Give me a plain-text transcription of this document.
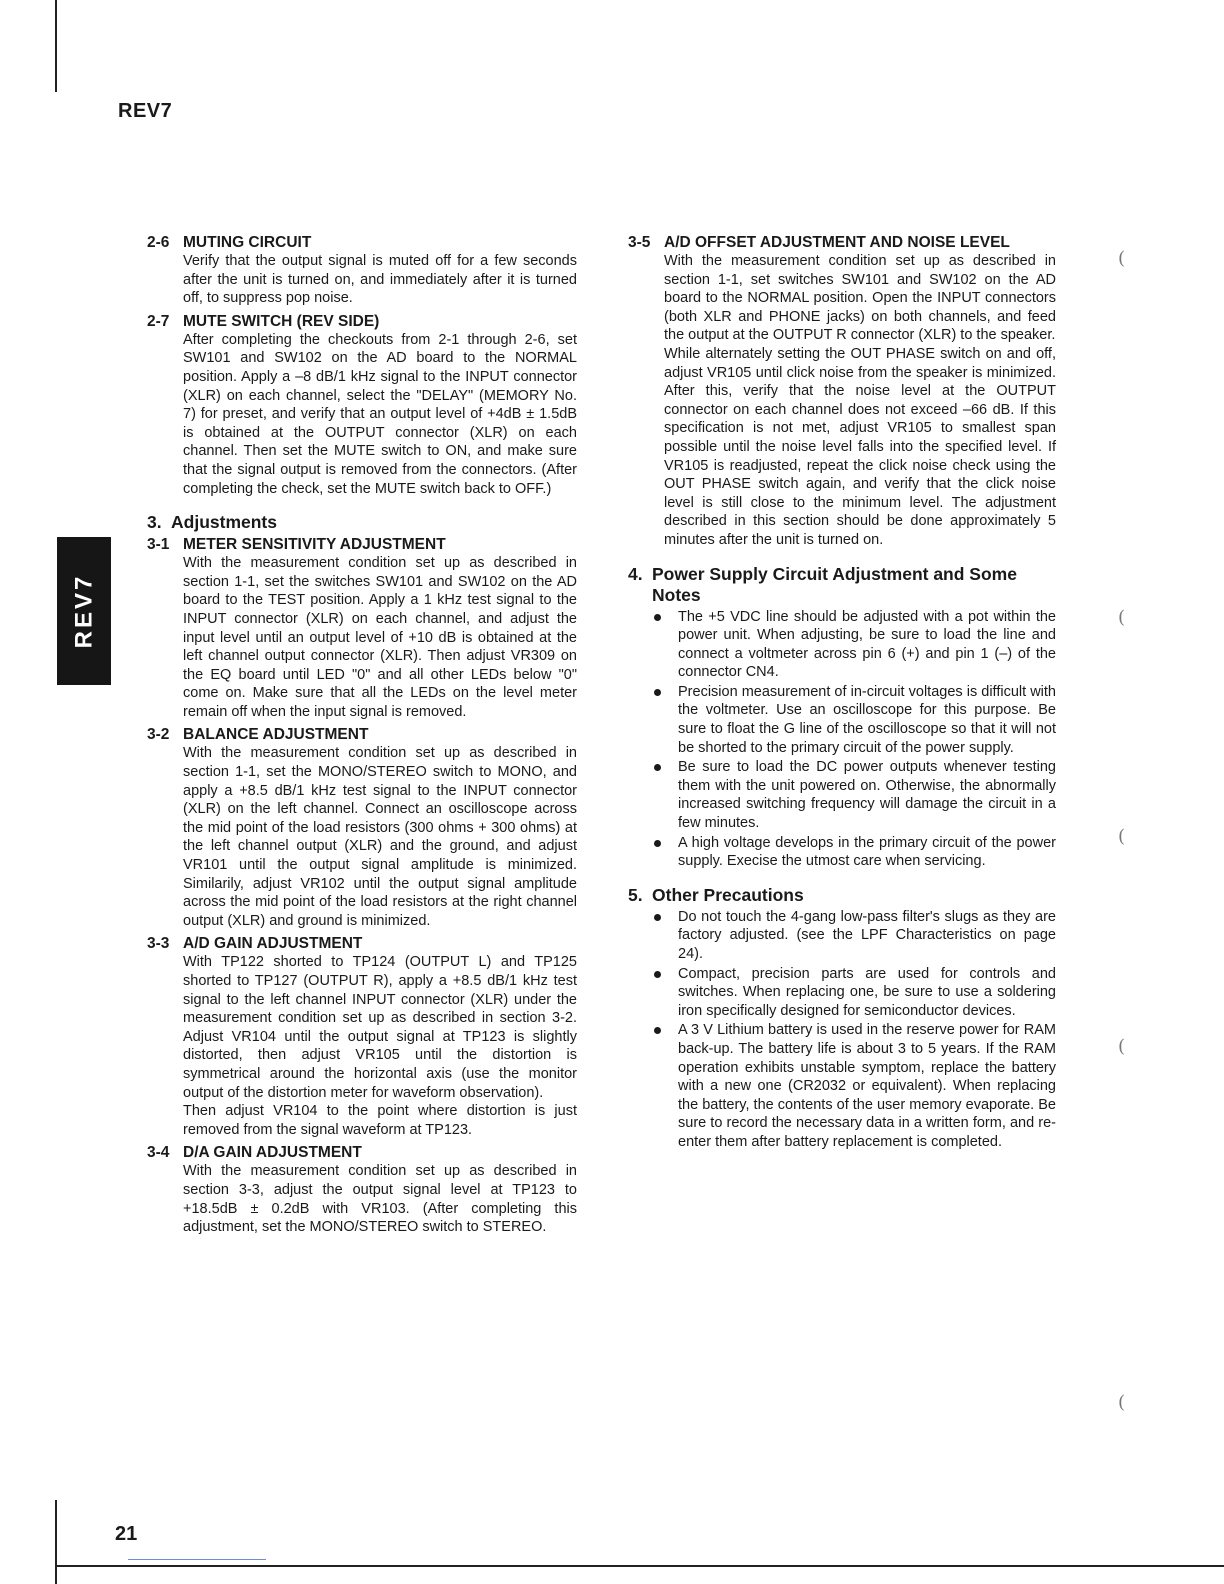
REV7
REV7
2-6 MUTING CIRCUIT

Verify that the output signal is muted off for a few seconds after the unit is turned on, and immediately after it is turned off, to suppress pop noise.

2-7 MUTE SWITCH (REV SIDE)

After completing the checkouts from 2-1 through 2-6, set SW101 and SW102 on the AD board to the NORMAL position. Apply a –8 dB/1 kHz signal to the INPUT connector (XLR) on each channel, select the "DELAY" (MEMORY No. 7) for preset, and verify that an output level of +4dB ± 1.5dB is obtained at the OUTPUT connector (XLR) on each channel. Then set the MUTE switch to ON, and make sure that the signal output is removed from the connectors. (After completing the check, set the MUTE switch back to OFF.)

3. Adjustments
3-1 METER SENSITIVITY ADJUSTMENT

With the measurement condition set up as described in section 1-1, set the switches SW101 and SW102 on the AD board to the TEST position. Apply a 1 kHz test signal to the INPUT connector (XLR) on each channel, and adjust the input level until an output level of +10 dB is obtained at the left channel output connector (XLR). Then adjust VR309 on the EQ board until LED "0" and all other LEDs below "0" come on. Make sure that all the LEDs on the level meter remain off when the input signal is removed.

3-2 BALANCE ADJUSTMENT

With the measurement condition set up as described in section 1-1, set the MONO/STEREO switch to MONO, and apply a +8.5 dB/1 kHz test signal to the INPUT connector (XLR) on the left channel. Connect an oscilloscope across the mid point of the load resistors (300 ohms + 300 ohms) at the left channel output (XLR) and the ground, and adjust VR101 until the output signal amplitude is minimized. Similarily, adjust VR102 until the output signal amplitude across the mid point of the load resistors at the right channel output (XLR) and ground is minimized.

3-3 A/D GAIN ADJUSTMENT

With TP122 shorted to TP124 (OUTPUT L) and TP125 shorted to TP127 (OUTPUT R), apply a +8.5 dB/1 kHz test signal to the left channel INPUT connector (XLR) under the measurement condition set up as described in section 3-2. Adjust VR104 until the output signal at TP123 is slightly distorted, then adjust VR105 until the distortion is symmetrical around the horizontal axis (use the monitor output of the distortion meter for waveform observation).

Then adjust VR104 to the point where distortion is just removed from the signal waveform at TP123.

3-4 D/A GAIN ADJUSTMENT

With the measurement condition set up as described in section 3-3, adjust the output signal level at TP123 to +18.5dB ± 0.2dB with VR103. (After completing this adjustment, set the MONO/STEREO switch to STEREO.

3-5 A/D OFFSET ADJUSTMENT AND NOISE LEVEL

With the measurement condition set up as described in section 1-1, set switches SW101 and SW102 on the AD board to the NORMAL position. Open the INPUT connectors (both XLR and PHONE jacks) on both channels, and feed the output at the OUTPUT R connector (XLR) to the speaker.

While alternately setting the OUT PHASE switch on and off, adjust VR105 until click noise from the speaker is minimized. After this, verify that the noise level at the OUTPUT connector on each channel does not exceed –66 dB. If this specification is not met, adjust VR105 to smallest span possible until the noise level falls into the specified level. If VR105 is readjusted, repeat the click noise check using the OUT PHASE switch again, and verify that the click noise level is still close to the minimum level. The adjustment described in this section should be done approximately 5 minutes after the unit is turned on.

4. Power Supply Circuit Adjustment and Some Notes
The +5 VDC line should be adjusted with a pot within the power unit. When adjusting, be sure to load the line and connect a voltmeter across pin 6 (+) and pin 1 (–) of the connector CN4.
Precision measurement of in-circuit voltages is difficult with the voltmeter. Use an oscilloscope for this purpose. Be sure to float the G line of the oscilloscope so that it will not be shorted to the primary circuit of the power supply.
Be sure to load the DC power outputs whenever testing them with the unit powered on. Otherwise, the abnormally increased switching frequency will damage the circuit in a few minutes.
A high voltage develops in the primary circuit of the power supply. Execise the utmost care when servicing.
5. Other Precautions
Do not touch the 4-gang low-pass filter's slugs as they are factory adjusted. (see the LPF Characteristics on page 24).
Compact, precision parts are used for controls and switches. When replacing one, be sure to use a soldering iron specifically designed for semiconductor devices.
A 3 V Lithium battery is used in the reserve power for RAM back-up. The battery life is about 3 to 5 years. If the RAM operation exhibits unstable symptom, replace the battery with a new one (CR2032 or equivalent). When replacing the battery, the contents of the user memory evaporate. Be sure to record the necessary data in a written form, and re-enter them after battery replacement is completed.
(
(
(
(
(
21
